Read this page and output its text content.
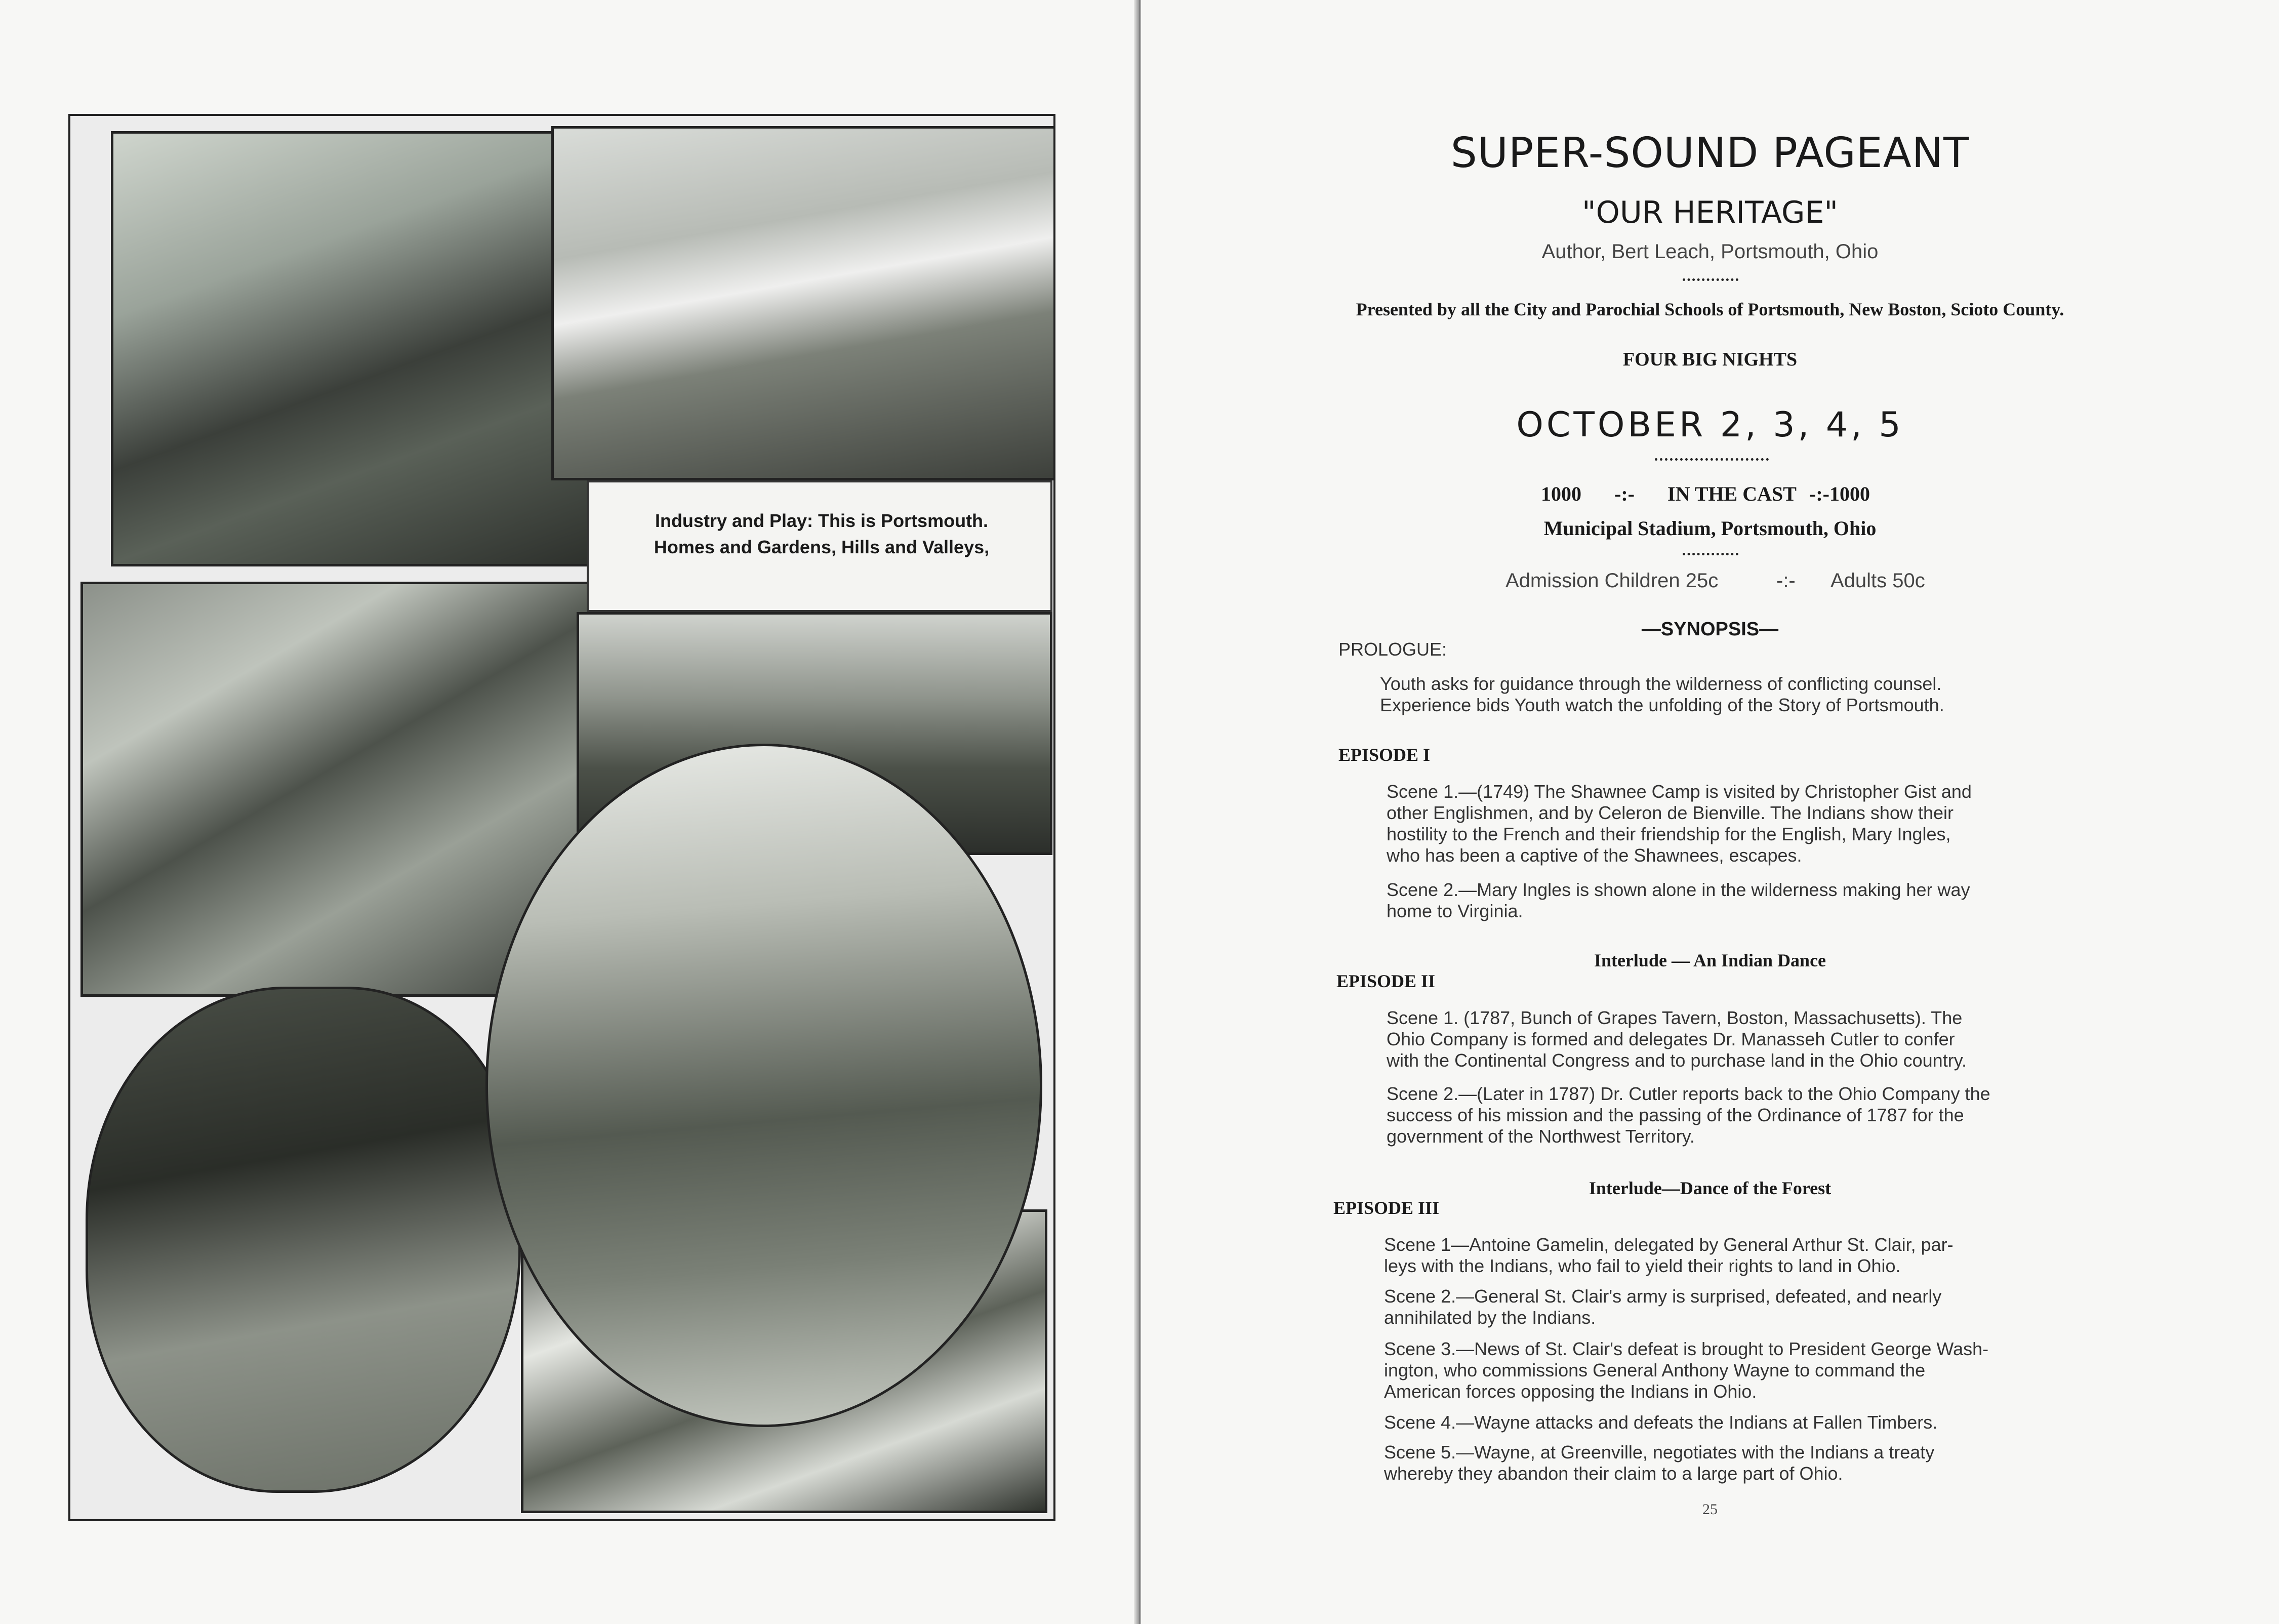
Industry and Play: This is Portsmouth.
Homes and Gardens, Hills and Valleys,
SUPER-SOUND PAGEANT
"OUR HERITAGE"
Author, Bert Leach, Portsmouth, Ohio
Presented by all the City and Parochial Schools of Portsmouth, New Boston, Scioto County.
FOUR BIG NIGHTS
OCTOBER 2, 3, 4, 5
1000 -:- IN THE CAST -:-1000
Municipal Stadium, Portsmouth, Ohio
Admission Children 25c	-:- Adults 50c
—SYNOPSIS—
PROLOGUE:
Youth asks for guidance through the wilderness of conflicting counsel.
Experience bids Youth watch the unfolding of the Story of Portsmouth.
EPISODE I
Scene 1.—(1749) The Shawnee Camp is visited by Christopher Gist and
other Englishmen, and by Celeron de Bienville. The Indians show their
hostility to the French and their friendship for the English, Mary Ingles,
who has been a captive of the Shawnees, escapes.
Scene 2.—Mary Ingles is shown alone in the wilderness making her way
home to Virginia.
Interlude — An Indian Dance
EPISODE II
Scene 1. (1787, Bunch of Grapes Tavern, Boston, Massachusetts). The
Ohio Company is formed and delegates Dr. Manasseh Cutler to confer
with the Continental Congress and to purchase land in the Ohio country.
Scene 2.—(Later in 1787) Dr. Cutler reports back to the Ohio Company the
success of his mission and the passing of the Ordinance of 1787 for the
government of the Northwest Territory.
Interlude—Dance of the Forest
EPISODE III
Scene 1—Antoine Gamelin, delegated by General Arthur St. Clair, par-
leys with the Indians, who fail to yield their rights to land in Ohio.
Scene 2.—General St. Clair's army is surprised, defeated, and nearly
annihilated by the Indians.
Scene 3.—News of St. Clair's defeat is brought to President George Wash-
ington, who commissions General Anthony Wayne to command the
American forces opposing the Indians in Ohio.
Scene 4.—Wayne attacks and defeats the Indians at Fallen Timbers.
Scene 5.—Wayne, at Greenville, negotiates with the Indians a treaty
whereby they abandon their claim to a large part of Ohio.
25
